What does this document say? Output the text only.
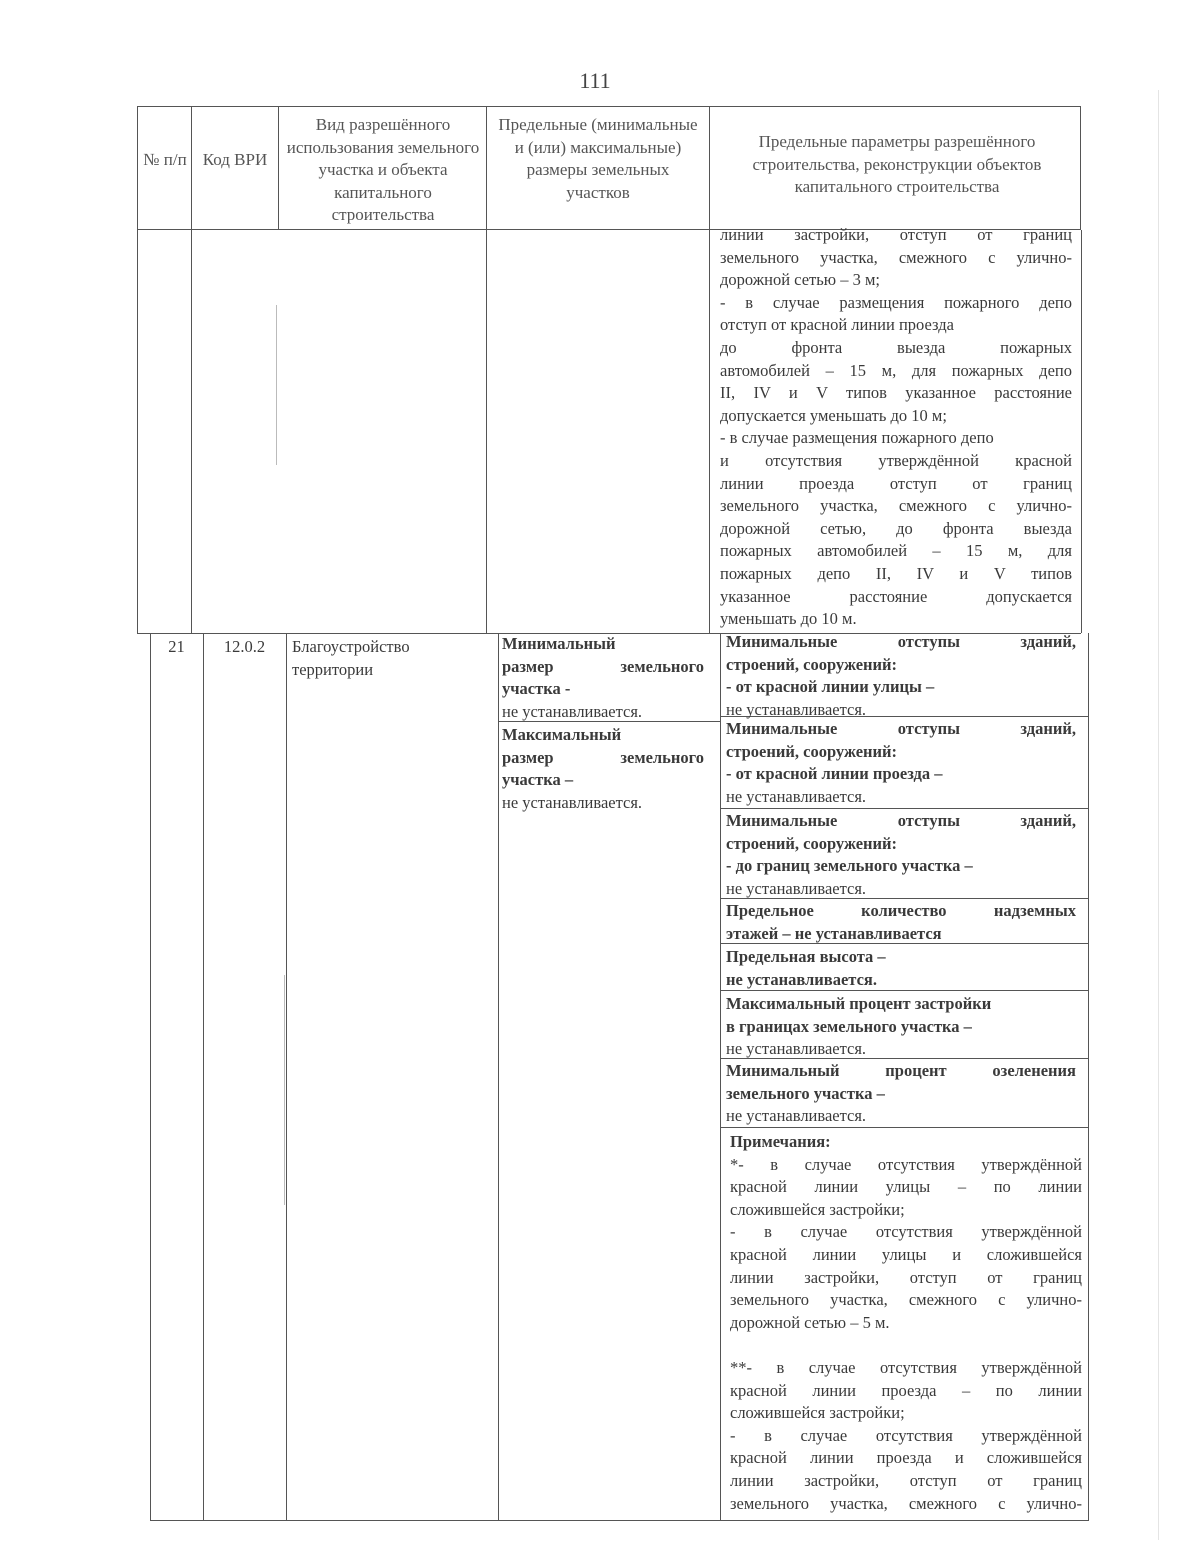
111
№ п/п Код ВРИ
Вид разрешённого использования земельного участка и объекта капитального строительства
Предельные (минимальные и (или) максимальные) размеры земельных участков
Предельные параметры разрешённого строительства, реконструкции объектов капитального строительства
линии застройки, отступ от границ
земельного участка, смежного с улично-
дорожной сетью – 3 м;
- в случае размещения пожарного депо
отступ от красной линии проезда
до фронта выезда пожарных
автомобилей – 15 м, для пожарных депо
II, IV и V типов указанное расстояние
допускается уменьшать до 10 м;
- в случае размещения пожарного депо
и отсутствия утверждённой красной
линии проезда отступ от границ
земельного участка, смежного с улично-
дорожной сетью, до фронта выезда
пожарных автомобилей – 15 м, для
пожарных депо II, IV и V типов
указанное расстояние допускается
уменьшать до 10 м.
21	12.0.2	Благоустройство территории
Минимальный
размер земельного
участка -
не устанавливается.
Максимальный
размер земельного
участка –
не устанавливается.
Минимальные отступы зданий,
строений, сооружений:
- от красной линии улицы –
не устанавливается.
Минимальные отступы зданий,
строений, сооружений:
- от красной линии проезда –
не устанавливается.
Минимальные отступы зданий,
строений, сооружений:
- до границ земельного участка –
не устанавливается.
Предельное количество надземных
этажей – не устанавливается
Предельная высота –
не устанавливается.
Максимальный процент застройки
в границах земельного участка –
не устанавливается.
Минимальный процент озеленения
земельного участка –
не устанавливается.
Примечания:
*- в случае отсутствия утверждённой
красной линии улицы – по линии
сложившейся застройки;
- в случае отсутствия утверждённой
красной линии улицы и сложившейся
линии застройки, отступ от границ
земельного участка, смежного с улично-
дорожной сетью – 5 м.

**- в случае отсутствия утверждённой
красной линии проезда – по линии
сложившейся застройки;
- в случае отсутствия утверждённой
красной линии проезда и сложившейся
линии застройки, отступ от границ
земельного участка, смежного с улично-
